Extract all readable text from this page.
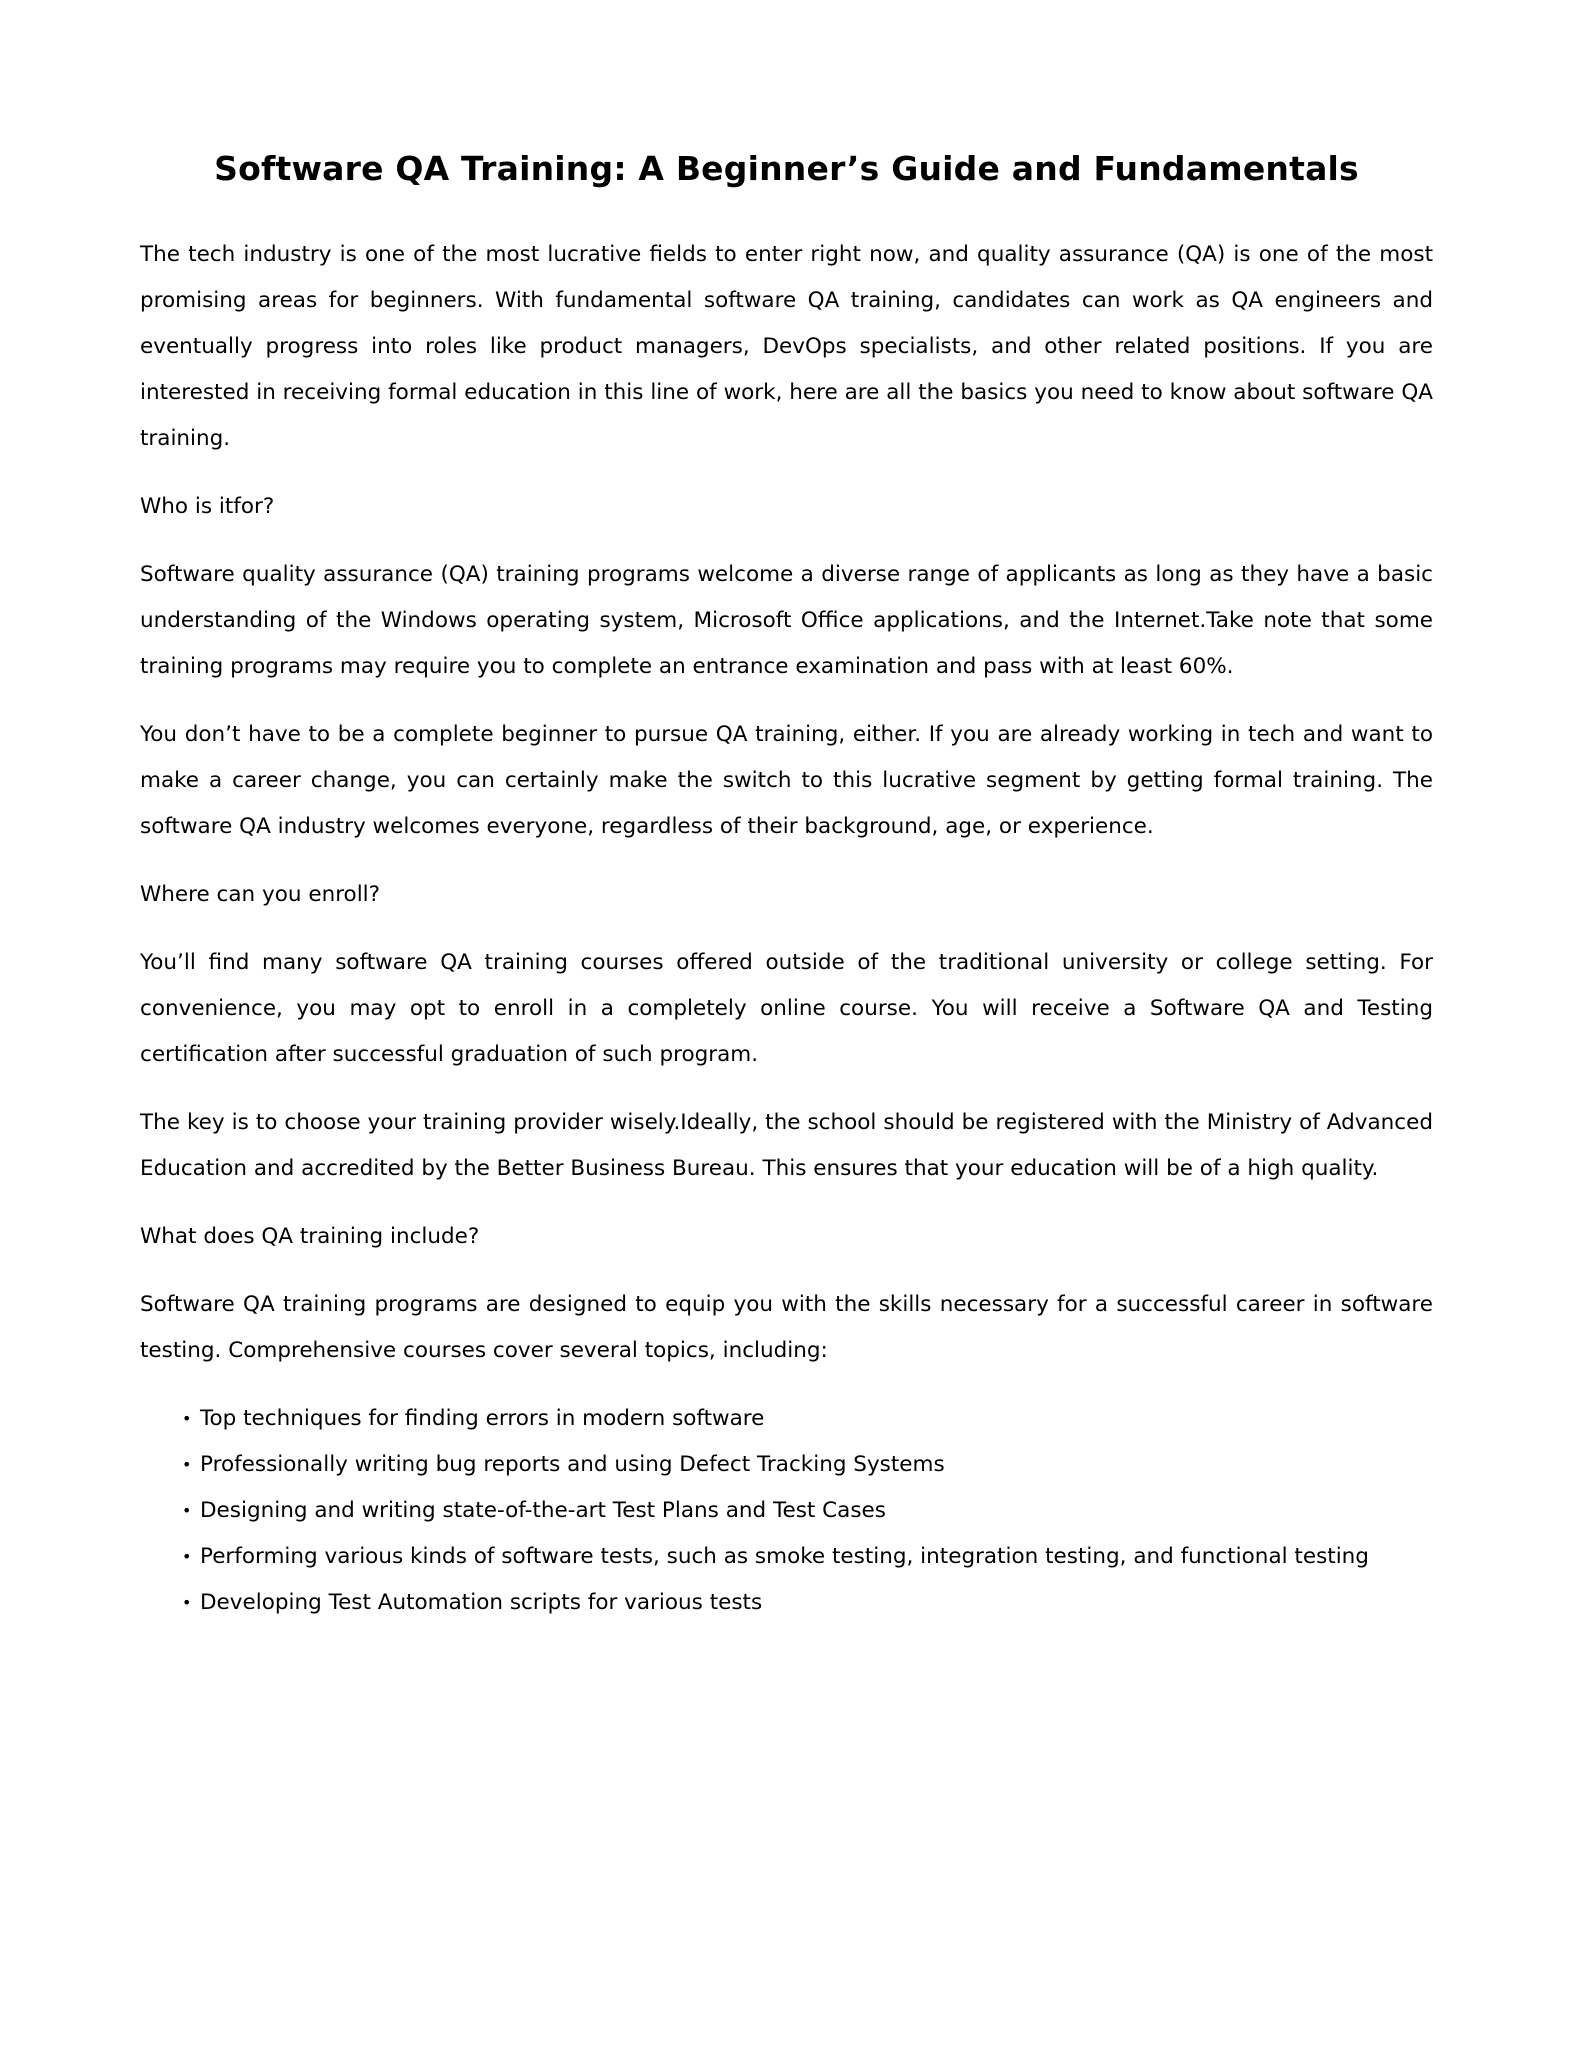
Software QA Training: A Beginner’s Guide and Fundamentals

The tech industry is one of the most lucrative fields to enter right now, and quality assurance (QA) is one of the most promising areas for beginners. With fundamental software QA training, candidates can work as QA engineers and eventually progress into roles like product managers, DevOps specialists, and other related positions. If you are interested in receiving formal education in this line of work, here are all the basics you need to know about software QA training.

Who is itfor?

Software quality assurance (QA) training programs welcome a diverse range of applicants as long as they have a basic understanding of the Windows operating system, Microsoft Office applications, and the Internet.Take note that some training programs may require you to complete an entrance examination and pass with at least 60%.

You don’t have to be a complete beginner to pursue QA training, either. If you are already working in tech and want to make a career change, you can certainly make the switch to this lucrative segment by getting formal training. The software QA industry welcomes everyone, regardless of their background, age, or experience.

Where can you enroll?

You’ll find many software QA training courses offered outside of the traditional university or college setting. For convenience, you may opt to enroll in a completely online course. You will receive a Software QA and Testing certification after successful graduation of such program.

The key is to choose your training provider wisely.Ideally, the school should be registered with the Ministry of Advanced Education and accredited by the Better Business Bureau. This ensures that your education will be of a high quality.

What does QA training include?

Software QA training programs are designed to equip you with the skills necessary for a successful career in software testing. Comprehensive courses cover several topics, including:

• Top techniques for finding errors in modern software
• Professionally writing bug reports and using Defect Tracking Systems
• Designing and writing state-of-the-art Test Plans and Test Cases
• Performing various kinds of software tests, such as smoke testing, integration testing, and functional testing
• Developing Test Automation scripts for various tests
